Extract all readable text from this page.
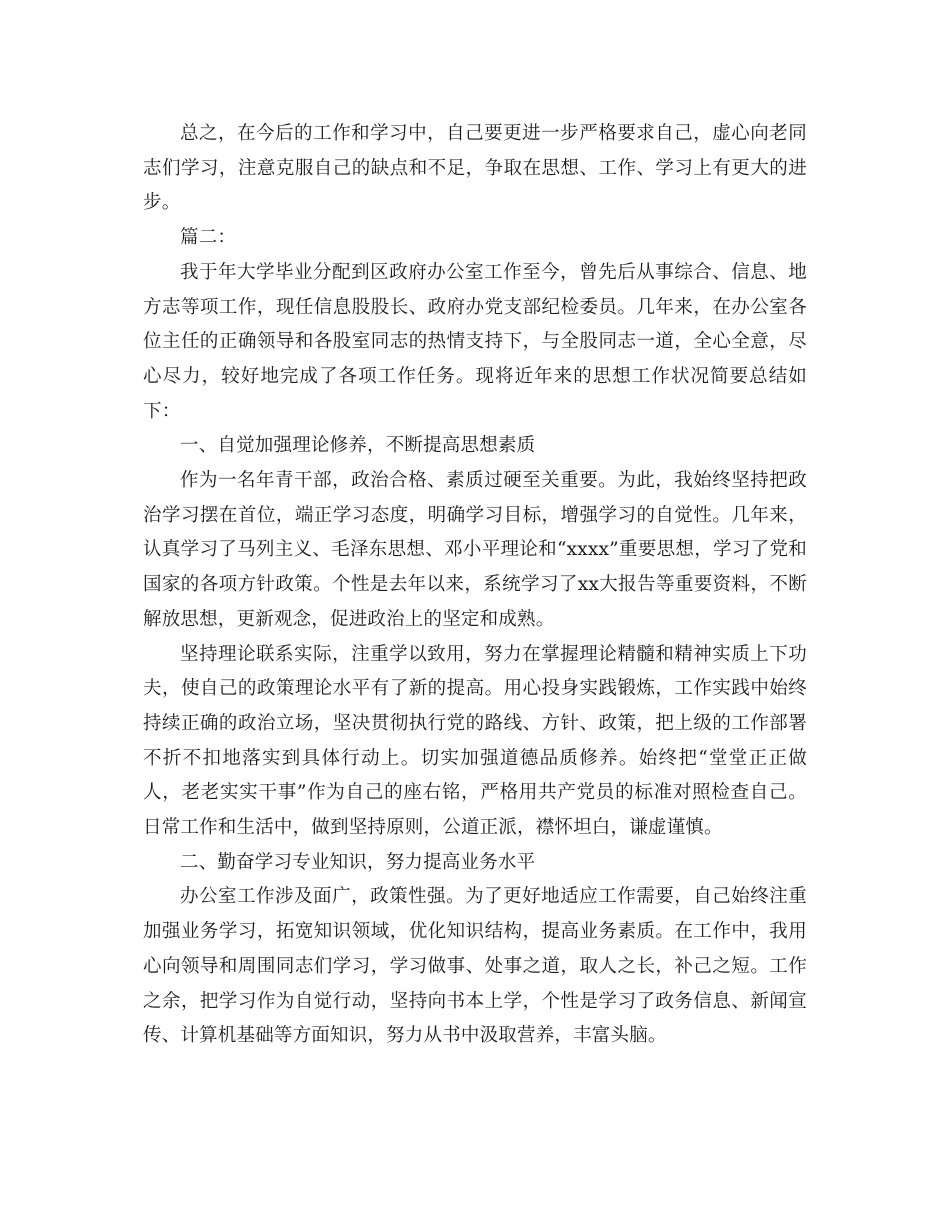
总之，在今后的工作和学习中，自己要更进一步严格要求自己，虚心向老同志们学习，注意克服自己的缺点和不足，争取在思想、工作、学习上有更大的进步。

篇二：

我于年大学毕业分配到区政府办公室工作至今，曾先后从事综合、信息、地方志等项工作，现任信息股股长、政府办党支部纪检委员。几年来，在办公室各位主任的正确领导和各股室同志的热情支持下，与全股同志一道，全心全意，尽心尽力，较好地完成了各项工作任务。现将近年来的思想工作状况简要总结如下：

一、自觉加强理论修养，不断提高思想素质

作为一名年青干部，政治合格、素质过硬至关重要。为此，我始终坚持把政治学习摆在首位，端正学习态度，明确学习目标，增强学习的自觉性。几年来，认真学习了马列主义、毛泽东思想、邓小平理论和“xxxx”重要思想，学习了党和国家的各项方针政策。个性是去年以来，系统学习了xx大报告等重要资料，不断解放思想，更新观念，促进政治上的坚定和成熟。

坚持理论联系实际，注重学以致用，努力在掌握理论精髓和精神实质上下功夫，使自己的政策理论水平有了新的提高。用心投身实践锻炼，工作实践中始终持续正确的政治立场，坚决贯彻执行党的路线、方针、政策，把上级的工作部署不折不扣地落实到具体行动上。切实加强道德品质修养。始终把“堂堂正正做人，老老实实干事”作为自己的座右铭，严格用共产党员的标准对照检查自己。日常工作和生活中，做到坚持原则，公道正派，襟怀坦白，谦虚谨慎。

二、勤奋学习专业知识，努力提高业务水平

办公室工作涉及面广，政策性强。为了更好地适应工作需要，自己始终注重加强业务学习，拓宽知识领域，优化知识结构，提高业务素质。在工作中，我用心向领导和周围同志们学习，学习做事、处事之道，取人之长，补己之短。工作之余，把学习作为自觉行动，坚持向书本上学，个性是学习了政务信息、新闻宣传、计算机基础等方面知识，努力从书中汲取营养，丰富头脑。
